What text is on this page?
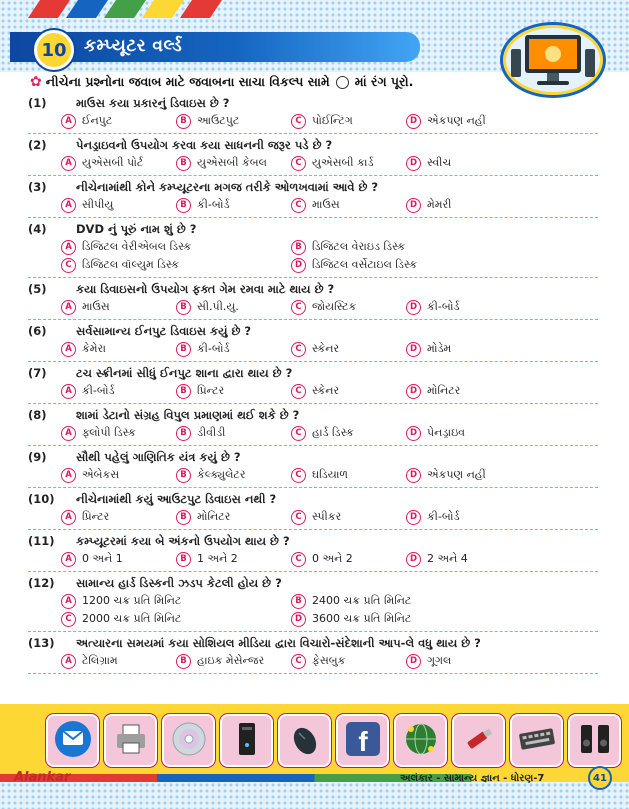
10	કમ્પ્યૂટર વર્લ્ડ
✿ નીચેના પ્રશ્નોના જવાબ માટે જવાબના સાચા વિકલ્પ સામે માં રંગ પૂરો.
(1)	માઉસ કયા પ્રકારનું ડિવાઇસ છે ?
A ઈનપુટ	B આઉટપુટ	C પોઈન્ટિંગ	D એકપણ નહીં
(2)	પેનડ્રાઇવનો ઉપયોગ કરવા કયા સાધનની જરૂર પડે છે ?
A યુએસબી પોર્ટ	B યુએસબી કેબલ	C યુએસબી કાર્ડ	D સ્વીચ
(3)	નીચેનામાંથી કોને કમ્પ્યૂટરના મગજ તરીકે ઓળખવામાં આવે છે ?
A સીપીયુ	B કી-બોર્ડ	C માઉસ	D મેમરી
(4)	DVD નું પૂરું નામ શું છે ?
A ડિજિટલ વેરીએબલ ડિસ્ક	B ડિજિટલ વેરાઇડ ડિસ્ક
C ડિજિટલ વૉલ્યુમ ડિસ્ક	D ડિજિટલ વર્સેટાઇલ ડિસ્ક
(5)	કયા ડિવાઇસનો ઉપયોગ ફક્ત ગેમ રમવા માટે થાય છે ?
A માઉસ	B સી.પી.યુ.	C જોયસ્ટિક	D કી-બોર્ડ
(6)	સર્વસામાન્ય ઈનપુટ ડિવાઇસ કયું છે ?
A કેમેરા	B કી-બોર્ડ	C સ્કેનર	D મોડેમ
(7)	ટચ સ્ક્રીનમાં સીધું ઈનપુટ શાના દ્વારા થાય છે ?
A કી-બોર્ડ	B પ્રિન્ટર	C સ્કેનર	D મોનિટર
(8)	શામાં ડેટાનો સંગ્રહ વિપુલ પ્રમાણમાં થઈ શકે છે ?
A ફ્લોપી ડિસ્ક	B ડીવીડી	C હાર્ડ ડિસ્ક	D પેનડ્રાઇવ
(9)	સૌથી પહેલું ગાણિતિક યંત્ર કયું છે ?
A એબેકસ	B કેલ્ક્યુલેટર	C ઘડિયાળ	D એકપણ નહીં
(10)	નીચેનામાંથી કયું આઉટપુટ ડિવાઇસ નથી ?
A પ્રિન્ટર	B મોનિટર	C સ્પીકર	D કી-બોર્ડ
(11)	કમ્પ્યૂટરમાં કયા બે અંકનો ઉપયોગ થાય છે ?
A 0 અને 1	B 1 અને 2	C 0 અને 2	D 2 અને 4
(12)	સામાન્ય હાર્ડ ડિસ્કની ઝડપ કેટલી હોય છે ?
A 1200 ચક્ર પ્રતિ મિનિટ	B 2400 ચક્ર પ્રતિ મિનિટ
C 2000 ચક્ર પ્રતિ મિનિટ	D 3600 ચક્ર પ્રતિ મિનિટ
(13)	અત્યારના સમયમાં કયા સોશિયલ મીડિયા દ્વારા વિચારો-સંદેશાની આપ-લે વધુ થાય છે ?
A ટેલિગ્રામ	B હાઇક મેસેન્જર	C ફેસબુક	D ગૂગલ
f
Alankar	અલંકાર - સામાન્ય જ્ઞાન - ધોરણ-7	41
